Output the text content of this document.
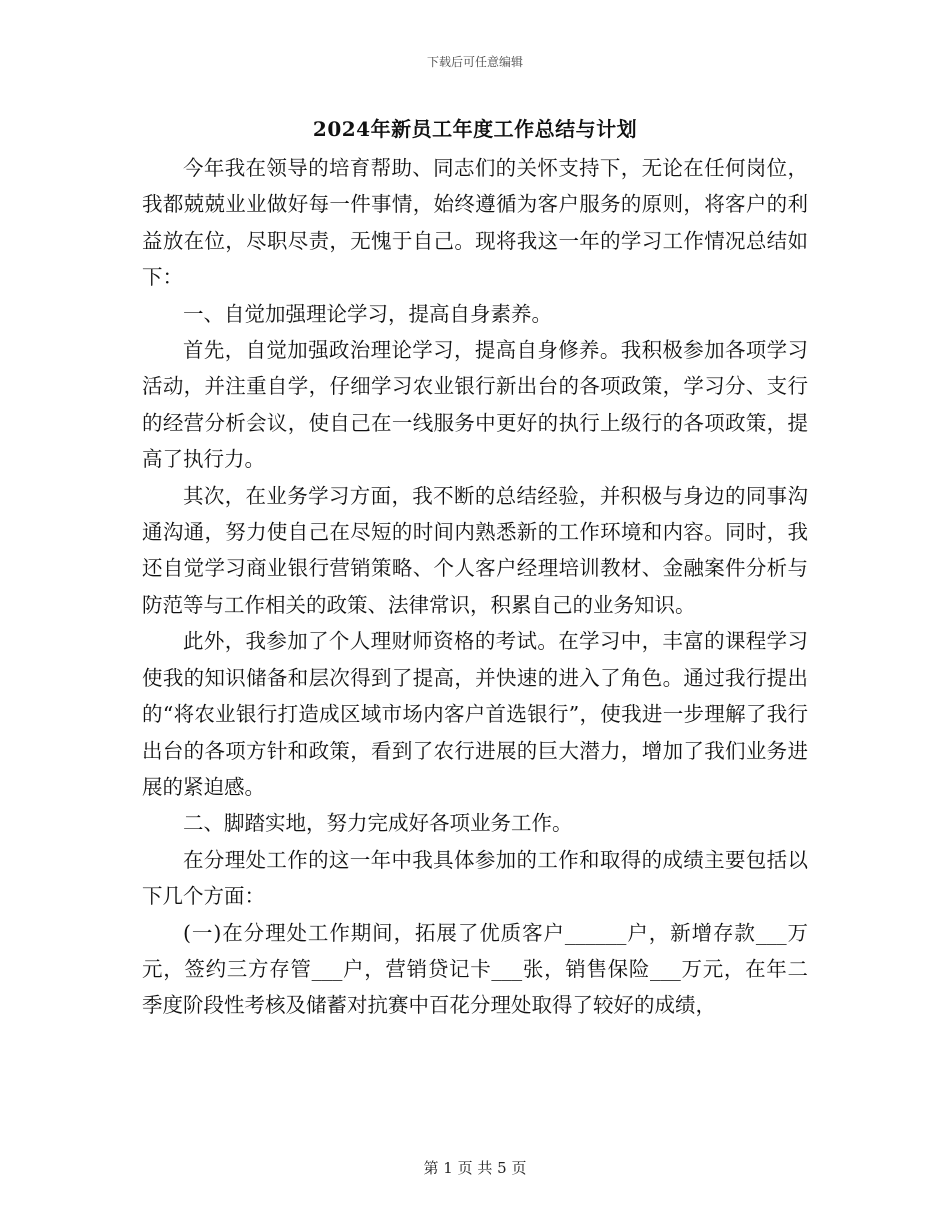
下载后可任意编辑
2024年新员工年度工作总结与计划

今年我在领导的培育帮助、同志们的关怀支持下，无论在任何岗位，我都兢兢业业做好每一件事情，始终遵循为客户服务的原则，将客户的利益放在位，尽职尽责，无愧于自己。现将我这一年的学习工作情况总结如下：

一、自觉加强理论学习，提高自身素养。

首先，自觉加强政治理论学习，提高自身修养。我积极参加各项学习活动，并注重自学，仔细学习农业银行新出台的各项政策，学习分、支行的经营分析会议，使自己在一线服务中更好的执行上级行的各项政策，提高了执行力。

其次，在业务学习方面，我不断的总结经验，并积极与身边的同事沟通沟通，努力使自己在尽短的时间内熟悉新的工作环境和内容。同时，我还自觉学习商业银行营销策略、个人客户经理培训教材、金融案件分析与防范等与工作相关的政策、法律常识，积累自己的业务知识。

此外，我参加了个人理财师资格的考试。在学习中，丰富的课程学习使我的知识储备和层次得到了提高，并快速的进入了角色。通过我行提出的“将农业银行打造成区域市场内客户首选银行”，使我进一步理解了我行出台的各项方针和政策，看到了农行进展的巨大潜力，增加了我们业务进展的紧迫感。

二、脚踏实地，努力完成好各项业务工作。

在分理处工作的这一年中我具体参加的工作和取得的成绩主要包括以下几个方面：

(一)在分理处工作期间，拓展了优质客户______户，新增存款___万元，签约三方存管___户，营销贷记卡___张，销售保险___万元，在年二季度阶段性考核及储蓄对抗赛中百花分理处取得了较好的成绩，

第 1 页 共 5 页
